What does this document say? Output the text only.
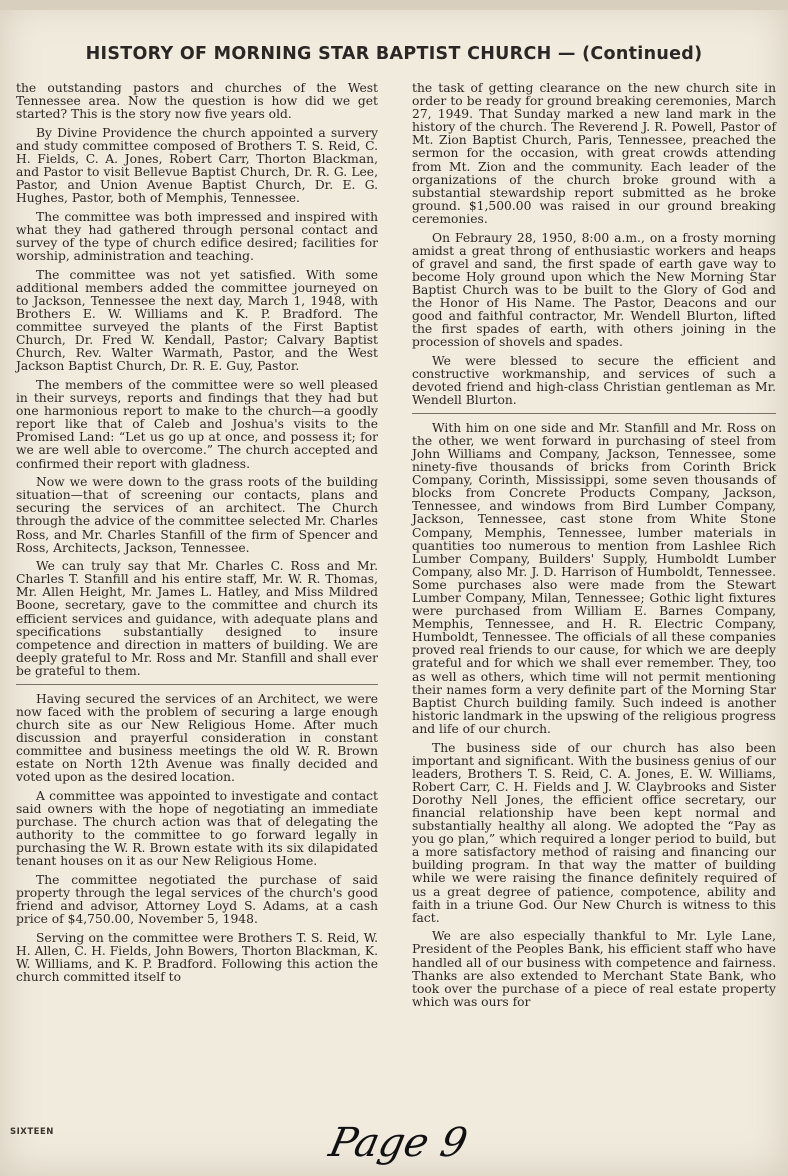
HISTORY OF MORNING STAR BAPTIST CHURCH — (Continued)

the outstanding pastors and churches of the West Tennessee area. Now the question is how did we get started? This is the story now five years old.

By Divine Providence the church appointed a survery and study committee composed of Brothers T. S. Reid, C. H. Fields, C. A. Jones, Robert Carr, Thorton Blackman, and Pastor to visit Bellevue Baptist Church, Dr. R. G. Lee, Pastor, and Union Avenue Baptist Church, Dr. E. G. Hughes, Pastor, both of Memphis, Tennessee.

The committee was both impressed and inspired with what they had gathered through personal contact and survey of the type of church edifice desired; facilities for worship, administration and teaching.

The committee was not yet satisfied. With some additional members added the committee journeyed on to Jackson, Tennessee the next day, March 1, 1948, with Brothers E. W. Williams and K. P. Bradford. The committee surveyed the plants of the First Baptist Church, Dr. Fred W. Kendall, Pastor; Calvary Baptist Church, Rev. Walter Warmath, Pastor, and the West Jackson Baptist Church, Dr. R. E. Guy, Pastor.

The members of the committee were so well pleased in their surveys, reports and findings that they had but one harmonious report to make to the church—a goodly report like that of Caleb and Joshua's visits to the Promised Land: “Let us go up at once, and possess it; for we are well able to overcome.” The church accepted and confirmed their report with gladness.

Now we were down to the grass roots of the building situation—that of screening our contacts, plans and securing the services of an architect. The Church through the advice of the committee selected Mr. Charles Ross, and Mr. Charles Stanfill of the firm of Spencer and Ross, Architects, Jackson, Tennessee.

We can truly say that Mr. Charles C. Ross and Mr. Charles T. Stanfill and his entire staff, Mr. W. R. Thomas, Mr. Allen Height, Mr. James L. Hatley, and Miss Mildred Boone, secretary, gave to the committee and church its efficient services and guidance, with adequate plans and specifications substantially designed to insure competence and direction in matters of building. We are deeply grateful to Mr. Ross and Mr. Stanfill and shall ever be grateful to them.

Having secured the services of an Architect, we were now faced with the problem of securing a large enough church site as our New Religious Home. After much discussion and prayerful consideration in constant committee and business meetings the old W. R. Brown estate on North 12th Avenue was finally decided and voted upon as the desired location.

A committee was appointed to investigate and contact said owners with the hope of negotiating an immediate purchase. The church action was that of delegating the authority to the committee to go forward legally in purchasing the W. R. Brown estate with its six dilapidated tenant houses on it as our New Religious Home.

The committee negotiated the purchase of said property through the legal services of the church's good friend and advisor, Attorney Loyd S. Adams, at a cash price of $4,750.00, November 5, 1948.

Serving on the committee were Brothers T. S. Reid, W. H. Allen, C. H. Fields, John Bowers, Thorton Blackman, K. W. Williams, and K. P. Bradford. Following this action the church committed itself to

the task of getting clearance on the new church site in order to be ready for ground breaking ceremonies, March 27, 1949. That Sunday marked a new land mark in the history of the church. The Reverend J. R. Powell, Pastor of Mt. Zion Baptist Church, Paris, Tennessee, preached the sermon for the occasion, with great crowds attending from Mt. Zion and the community. Each leader of the organizations of the church broke ground with a substantial stewardship report submitted as he broke ground. $1,500.00 was raised in our ground breaking ceremonies.

On Febraury 28, 1950, 8:00 a.m., on a frosty morning amidst a great throng of enthusiastic workers and heaps of gravel and sand, the first spade of earth gave way to become Holy ground upon which the New Morning Star Baptist Church was to be built to the Glory of God and the Honor of His Name. The Pastor, Deacons and our good and faithful contractor, Mr. Wendell Blurton, lifted the first spades of earth, with others joining in the procession of shovels and spades.

We were blessed to secure the efficient and constructive workmanship, and services of such a devoted friend and high-class Christian gentleman as Mr. Wendell Blurton.

With him on one side and Mr. Stanfill and Mr. Ross on the other, we went forward in purchasing of steel from John Williams and Company, Jackson, Tennessee, some ninety-five thousands of bricks from Corinth Brick Company, Corinth, Mississippi, some seven thousands of blocks from Concrete Products Company, Jackson, Tennessee, and windows from Bird Lumber Company, Jackson, Tennessee, cast stone from White Stone Company, Memphis, Tennessee, lumber materials in quantities too numerous to mention from Lashlee Rich Lumber Company, Builders' Supply, Humboldt Lumber Company, also Mr. J. D. Harrison of Humboldt, Tennessee. Some purchases also were made from the Stewart Lumber Company, Milan, Tennessee; Gothic light fixtures were purchased from William E. Barnes Company, Memphis, Tennessee, and H. R. Electric Company, Humboldt, Tennessee. The officials of all these companies proved real friends to our cause, for which we are deeply grateful and for which we shall ever remember. They, too as well as others, which time will not permit mentioning their names form a very definite part of the Morning Star Baptist Church building family. Such indeed is another historic landmark in the upswing of the religious progress and life of our church.

The business side of our church has also been important and significant. With the business genius of our leaders, Brothers T. S. Reid, C. A. Jones, E. W. Williams, Robert Carr, C. H. Fields and J. W. Claybrooks and Sister Dorothy Nell Jones, the efficient office secretary, our financial relationship have been kept normal and substantially healthy all along. We adopted the “Pay as you go plan,” which required a longer period to build, but a more satisfactory method of raising and financing our building program. In that way the matter of building while we were raising the finance definitely required of us a great degree of patience, compotence, ability and faith in a triune God. Our New Church is witness to this fact.

We are also especially thankful to Mr. Lyle Lane, President of the Peoples Bank, his efficient staff who have handled all of our business with competence and fairness. Thanks are also extended to Merchant State Bank, who took over the purchase of a piece of real estate property which was ours for

SIXTEEN	Page 9
